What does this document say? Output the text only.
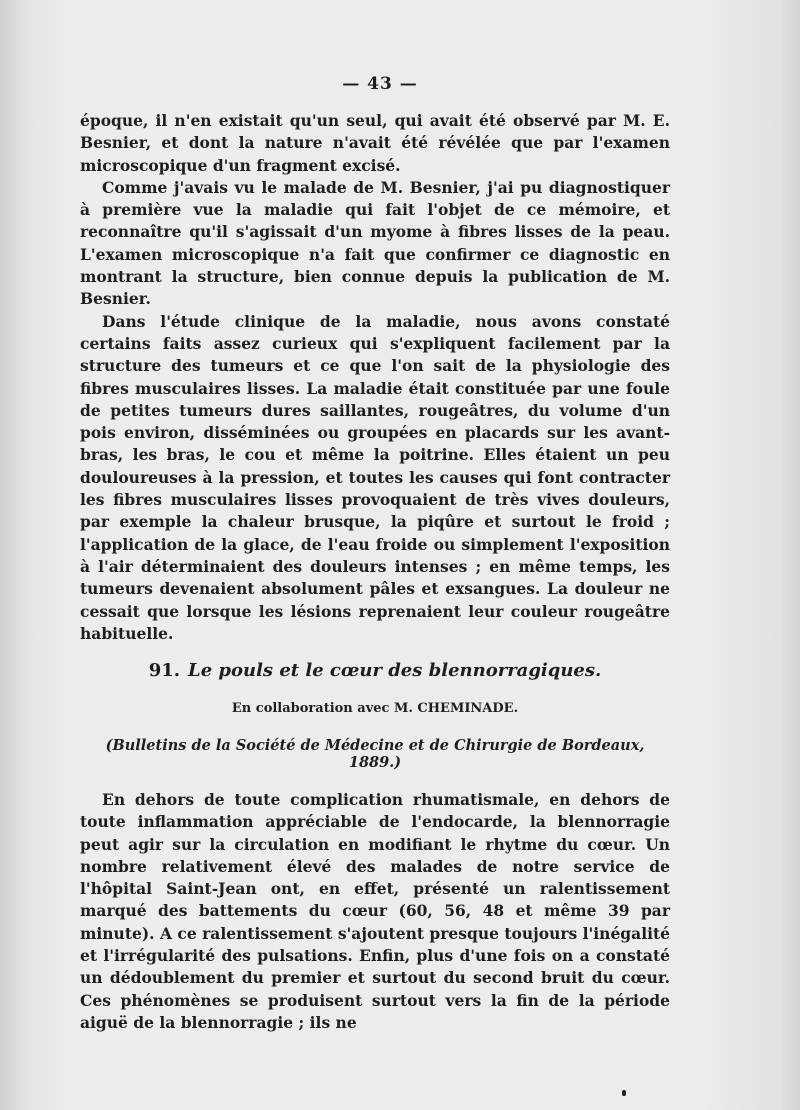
— 43 —

époque, il n'en existait qu'un seul, qui avait été observé par M. E. Besnier, et dont la nature n'avait été révélée que par l'examen microscopique d'un fragment excisé.

Comme j'avais vu le malade de M. Besnier, j'ai pu diagnostiquer à première vue la maladie qui fait l'objet de ce mémoire, et reconnaître qu'il s'agissait d'un myome à fibres lisses de la peau. L'examen microscopique n'a fait que confirmer ce diagnostic en montrant la structure, bien connue depuis la publication de M. Besnier.

Dans l'étude clinique de la maladie, nous avons constaté certains faits assez curieux qui s'expliquent facilement par la structure des tumeurs et ce que l'on sait de la physiologie des fibres musculaires lisses. La maladie était constituée par une foule de petites tumeurs dures saillantes, rougeâtres, du volume d'un pois environ, disséminées ou groupées en placards sur les avant-bras, les bras, le cou et même la poitrine. Elles étaient un peu douloureuses à la pression, et toutes les causes qui font contracter les fibres musculaires lisses provoquaient de très vives douleurs, par exemple la chaleur brusque, la piqûre et surtout le froid ; l'application de la glace, de l'eau froide ou simplement l'exposition à l'air déterminaient des douleurs intenses ; en même temps, les tumeurs devenaient absolument pâles et exsangues. La douleur ne cessait que lorsque les lésions reprenaient leur couleur rougeâtre habituelle.

91. Le pouls et le cœur des blennorragiques.
En collaboration avec M. CHEMINADE.
(Bulletins de la Société de Médecine et de Chirurgie de Bordeaux, 1889.)

En dehors de toute complication rhumatismale, en dehors de toute inflammation appréciable de l'endocarde, la blennorragie peut agir sur la circulation en modifiant le rhytme du cœur. Un nombre relativement élevé des malades de notre service de l'hôpital Saint-Jean ont, en effet, présenté un ralentissement marqué des battements du cœur (60, 56, 48 et même 39 par minute). A ce ralentissement s'ajoutent presque toujours l'inégalité et l'irrégularité des pulsations. Enfin, plus d'une fois on a constaté un dédoublement du premier et surtout du second bruit du cœur. Ces phénomènes se produisent surtout vers la fin de la période aiguë de la blennorragie ; ils ne
